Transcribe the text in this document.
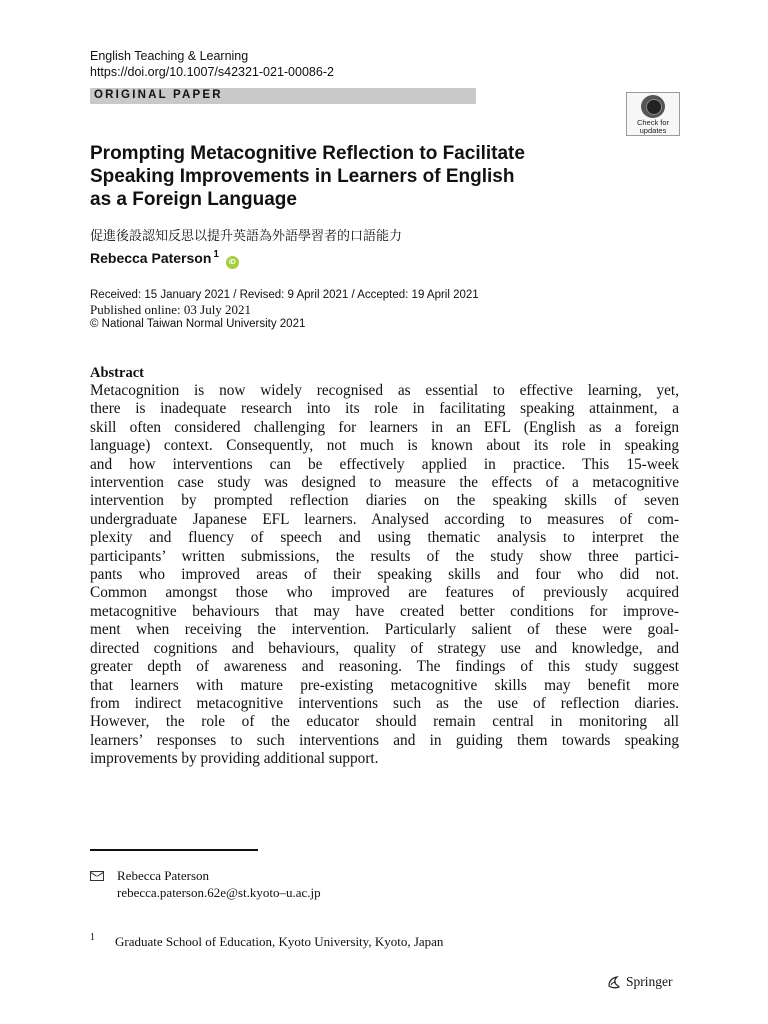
English Teaching & Learning
https://doi.org/10.1007/s42321-021-00086-2
ORIGINAL PAPER
Check for
updates
Prompting Metacognitive Reflection to Facilitate
Speaking Improvements in Learners of English
as a Foreign Language
促進後設認知反思以提升英語為外語學習者的口語能力
Rebecca Paterson $^1$ iD
Received: 15 January 2021 / Revised: 9 April 2021 / Accepted: 19 April 2021
Published online: 03 July 2021
© National Taiwan Normal University 2021
Abstract
Metacognition is now widely recognised as essential to effective learning, yet,
there is inadequate research into its role in facilitating speaking attainment, a
skill often considered challenging for learners in an EFL (English as a foreign
language) context. Consequently, not much is known about its role in speaking
and how interventions can be effectively applied in practice. This 15-week
intervention case study was designed to measure the effects of a metacognitive
intervention by prompted reflection diaries on the speaking skills of seven
undergraduate Japanese EFL learners. Analysed according to measures of com-
plexity and fluency of speech and using thematic analysis to interpret the
participants’ written submissions, the results of the study show three partici-
pants who improved areas of their speaking skills and four who did not.
Common amongst those who improved are features of previously acquired
metacognitive behaviours that may have created better conditions for improve-
ment when receiving the intervention. Particularly salient of these were goal-
directed cognitions and behaviours, quality of strategy use and knowledge, and
greater depth of awareness and reasoning. The findings of this study suggest
that learners with mature pre-existing metacognitive skills may benefit more
from indirect metacognitive interventions such as the use of reflection diaries.
However, the role of the educator should remain central in monitoring all
learners’ responses to such interventions and in guiding them towards speaking
improvements by providing additional support.
Rebecca Paterson
rebecca.paterson.62e@st.kyoto–u.ac.jp
1 Graduate School of Education, Kyoto University, Kyoto, Japan
Springer
